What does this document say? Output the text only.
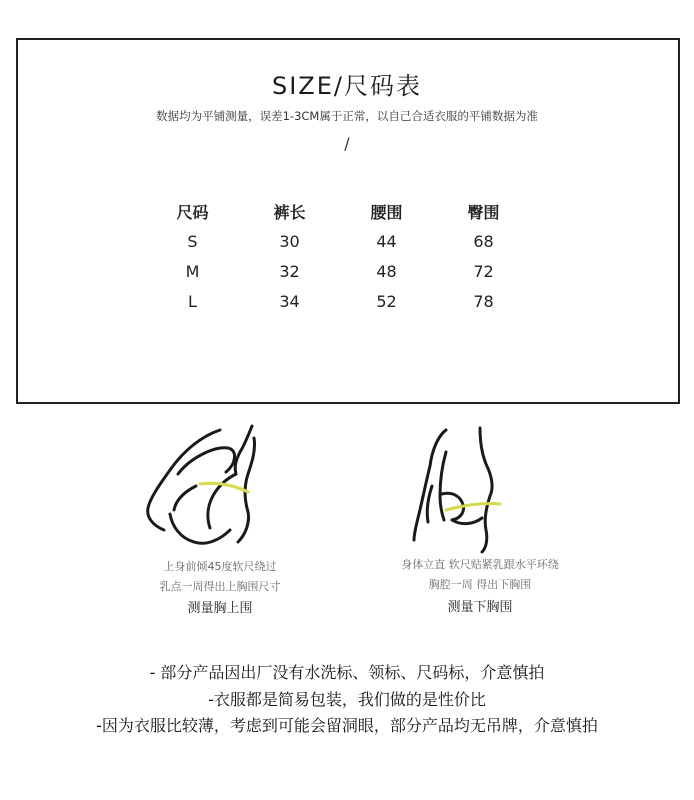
SIZE/尺码表
数据均为平铺测量，误差1-3CM属于正常，以自己合适衣服的平铺数据为准
/
尺码	裤长	腰围	臀围
S	30	44	68
M	32	48	72
L	34	52	78
上身前倾45度软尺绕过
乳点一周得出上胸围尺寸
测量胸上围
身体立直 软尺贴紧乳跟水平环绕
胸腔一周 得出下胸围
测量下胸围
- 部分产品因出厂没有水洗标、领标、尺码标，介意慎拍
-衣服都是简易包装，我们做的是性价比
-因为衣服比较薄，考虑到可能会留洞眼，部分产品均无吊牌，介意慎拍
